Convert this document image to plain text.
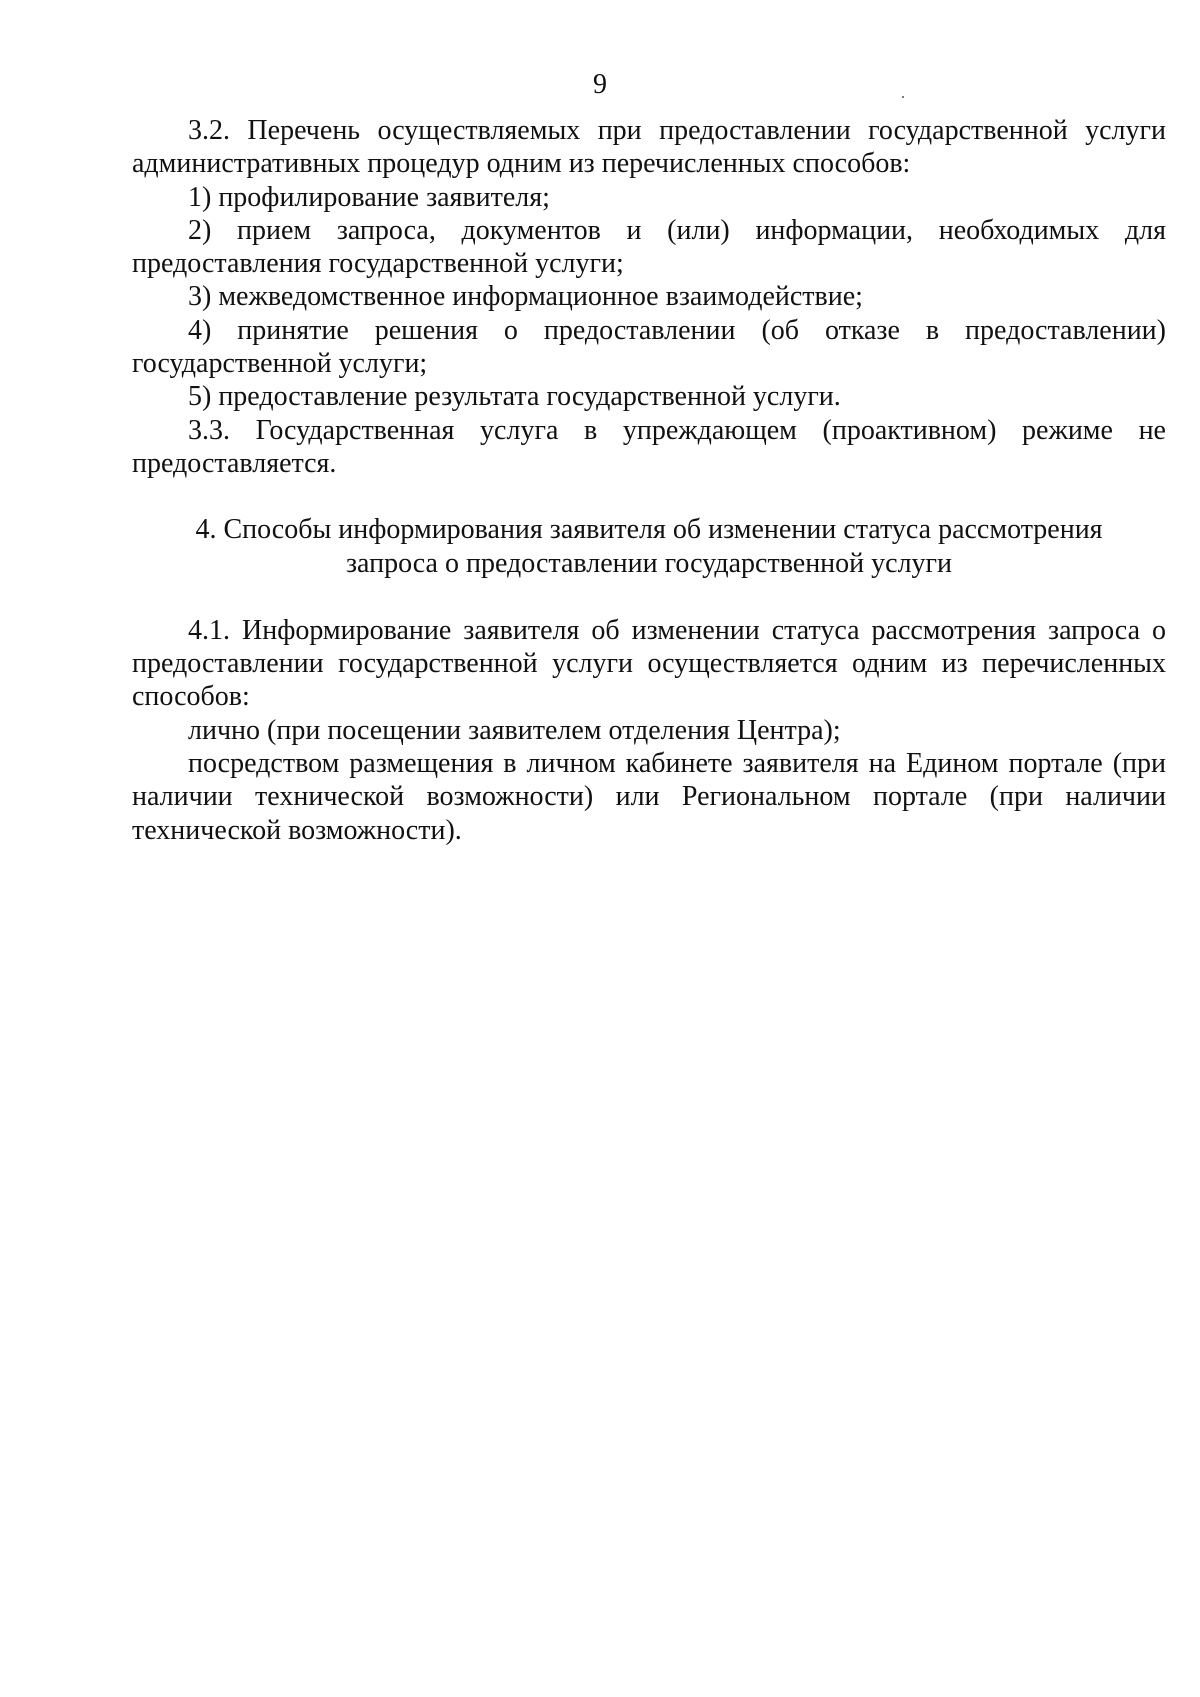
9

3.2. Перечень осуществляемых при предоставлении государственной услуги административных процедур одним из перечисленных способов:

1) профилирование заявителя;

2) прием запроса, документов и (или) информации, необходимых для предоставления государственной услуги;

3) межведомственное информационное взаимодействие;

4) принятие решения о предоставлении (об отказе в предоставлении) государственной услуги;

5) предоставление результата государственной услуги.

3.3. Государственная услуга в упреждающем (проактивном) режиме не предоставляется.

4. Способы информирования заявителя об изменении статуса рассмотрения
запроса о предоставлении государственной услуги

4.1. Информирование заявителя об изменении статуса рассмотрения запроса о предоставлении государственной услуги осуществляется одним из перечисленных способов:

лично (при посещении заявителем отделения Центра);

посредством размещения в личном кабинете заявителя на Едином портале (при наличии технической возможности) или Региональном портале (при наличии технической возможности).
